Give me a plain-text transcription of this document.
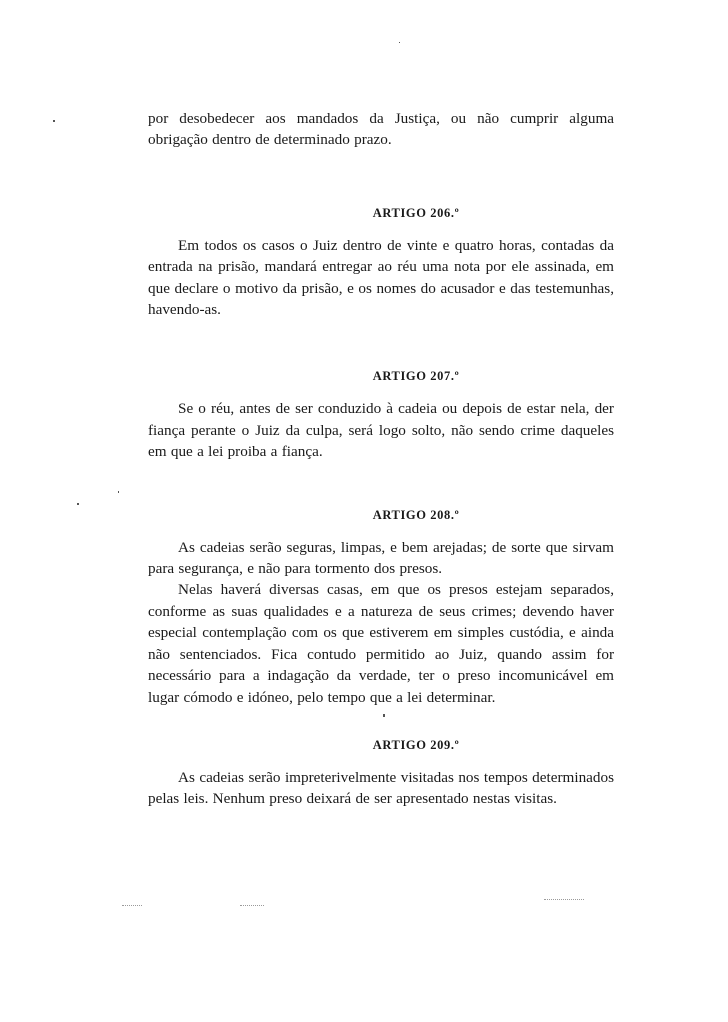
por desobedecer aos mandados da Justiça, ou não cumprir alguma obrigação dentro de determinado prazo.

ARTIGO 206.º

Em todos os casos o Juiz dentro de vinte e quatro horas, contadas da entrada na prisão, mandará entregar ao réu uma nota por ele assinada, em que declare o motivo da prisão, e os nomes do acusador e das testemunhas, havendo-as.

ARTIGO 207.º

Se o réu, antes de ser conduzido à cadeia ou depois de estar nela, der fiança perante o Juiz da culpa, será logo solto, não sendo crime daqueles em que a lei proiba a fiança.

ARTIGO 208.º

As cadeias serão seguras, limpas, e bem arejadas; de sorte que sirvam para segurança, e não para tormento dos presos.

Nelas haverá diversas casas, em que os presos estejam separados, conforme as suas qualidades e a natureza de seus crimes; devendo haver especial contemplação com os que estiverem em simples custódia, e ainda não sentenciados. Fica contudo permitido ao Juiz, quando assim for necessário para a indagação da verdade, ter o preso incomunicável em lugar cómodo e idóneo, pelo tempo que a lei determinar.

ARTIGO 209.º

As cadeias serão impreterivelmente visitadas nos tempos determinados pelas leis. Nenhum preso deixará de ser apresentado nestas visitas.
